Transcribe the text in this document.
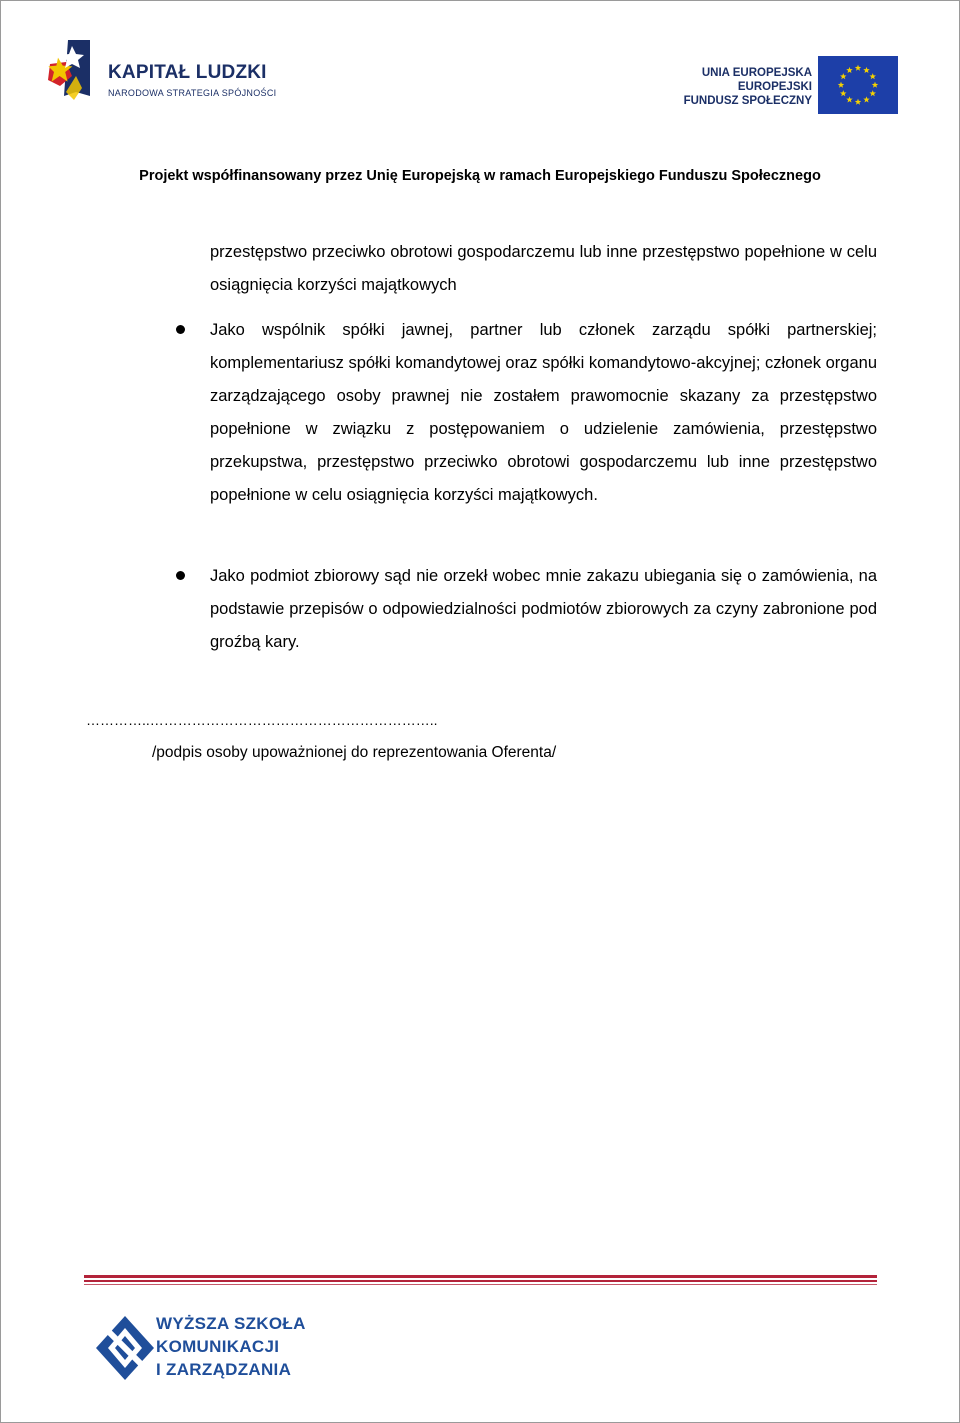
KAPITAŁ LUDZKI
NARODOWA STRATEGIA SPÓJNOŚCI
UNIA EUROPEJSKA
EUROPEJSKI
FUNDUSZ SPOŁECZNY
Projekt współfinansowany przez Unię Europejską w ramach Europejskiego Funduszu Społecznego
przestępstwo przeciwko obrotowi gospodarczemu lub inne przestępstwo popełnione w celu osiągnięcia korzyści majątkowych
Jako wspólnik spółki jawnej, partner lub członek zarządu spółki partnerskiej; komplementariusz spółki komandytowej oraz spółki komandytowo-akcyjnej; członek organu zarządzającego osoby prawnej nie zostałem prawomocnie skazany za przestępstwo popełnione w związku z postępowaniem o udzielenie zamówienia, przestępstwo przekupstwa, przestępstwo przeciwko obrotowi gospodarczemu lub inne przestępstwo popełnione w celu osiągnięcia korzyści majątkowych.
Jako podmiot zbiorowy sąd nie orzekł wobec mnie zakazu ubiegania się o zamówienia, na podstawie przepisów o odpowiedzialności podmiotów zbiorowych za czyny zabronione pod groźbą kary.
…………..……………………………………………………..
/podpis osoby upoważnionej do reprezentowania Oferenta/
WYŻSZA SZKOŁA
KOMUNIKACJI
I ZARZĄDZANIA
